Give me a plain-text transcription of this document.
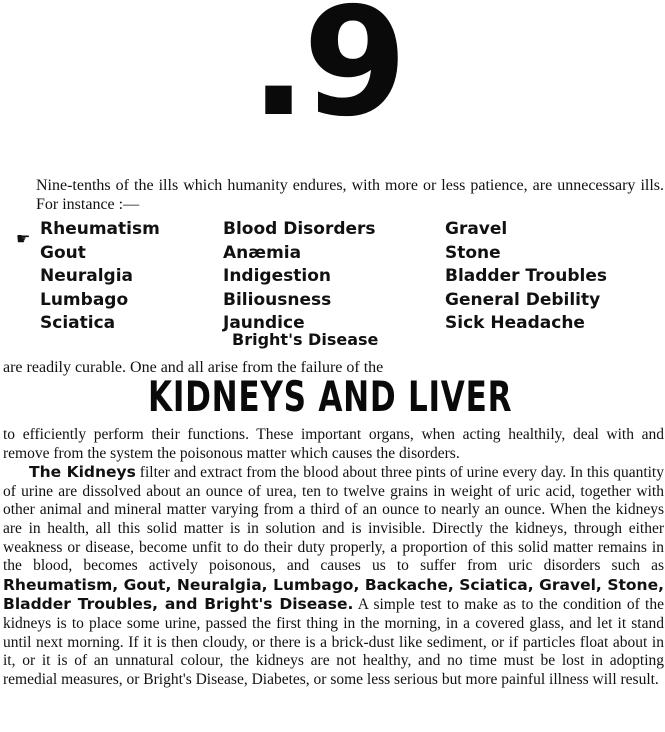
.9
Nine-tenths of the ills which humanity endures, with more or less patience, are unnecessary ills. For instance :—
☛ Rheumatism
Gout
Neuralgia
Lumbago
Sciatica
Blood Disorders
Anæmia
Indigestion
Biliousness
Jaundice
Gravel
Stone
Bladder Troubles
General Debility
Sick Headache
Bright's Disease
are readily curable. One and all arise from the failure of the
KIDNEYS AND LIVER

to efficiently perform their functions. These important organs, when acting healthily, deal with and remove from the system the poisonous matter which causes the disorders.

The Kidneys filter and extract from the blood about three pints of urine every day. In this quantity of urine are dissolved about an ounce of urea, ten to twelve grains in weight of uric acid, together with other animal and mineral matter varying from a third of an ounce to nearly an ounce. When the kidneys are in health, all this solid matter is in solution and is invisible. Directly the kidneys, through either weakness or disease, become unfit to do their duty properly, a proportion of this solid matter remains in the blood, becomes actively poisonous, and causes us to suffer from uric disorders such as Rheumatism, Gout, Neuralgia, Lumbago, Backache, Sciatica, Gravel, Stone, Bladder Troubles, and Bright's Disease. A simple test to make as to the condition of the kidneys is to place some urine, passed the first thing in the morning, in a covered glass, and let it stand until next morning. If it is then cloudy, or there is a brick-dust like sediment, or if particles float about in it, or it is of an unnatural colour, the kidneys are not healthy, and no time must be lost in adopting remedial measures, or Bright's Disease, Diabetes, or some less serious but more painful illness will result.
